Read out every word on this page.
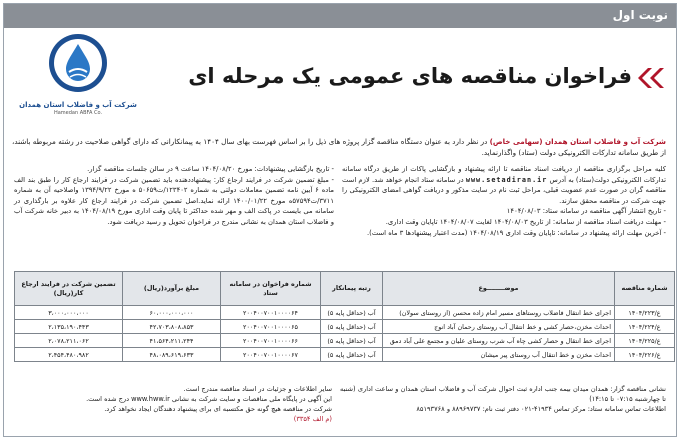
نوبت اول
شرکت آب و فاضلاب استان همدان
Hamedan ABFA Co.
فراخوان مناقصه های عمومی یک مرحله ای
شرکت آب و فاضلاب استان همدان (سهامی خاص) در نظر دارد به عنوان دستگاه مناقصه گزار پروژه های ذیل را بر اساس فهرست بهای سال ۱۴۰۴ به پیمانکارانی که دارای گواهی صلاحیت در رشته مربوطه باشند، از طریق سامانه تدارکات الکترونیکی دولت (ستاد) واگذارنماید.
کلیه مراحل برگزاری مناقصه از دریافت اسناد مناقصه تا ارائه پیشنهاد و بازگشایی پاکات از طریق درگاه سامانه تدارکات الکترونیکی دولت(ستاد) به آدرس www.setadiran.ir در سامانه ستاد انجام خواهد شد. لازم است مناقصه گران در صورت عدم عضویت قبلی، مراحل ثبت نام در سایت مذکور و دریافت گواهی امضای الکترونیکی را جهت شرکت در مناقصه محقق سازند.
- تاریخ انتشار آگهی مناقصه در سامانه ستاد: ۱۴۰۴/۰۸/۰۳
- مهلت دریافت اسناد مناقصه از سامانه: از تاریخ ۱۴۰۴/۰۸/۰۳ لغایت ۱۴۰۴/۰۸/۰۷ تاپایان وقت اداری.
- آخرین مهلت ارائه پیشنهاد در سامانه: تاپایان وقت اداری ۱۴۰۴/۰۸/۱۹ (مدت اعتبار پیشنهادها ۳ ماه است).
- تاریخ بازگشایی پیشنهادات: مورخ ۱۴۰۴/۰۸/۲۰ ساعت ۹ در سالن جلسات مناقصه گزار.
- مبلغ تضمین شرکت در فرایند ارجاع کار: پیشنهاددهنده باید تضمین شرکت در فرایند ارجاع کار را طبق بند الف ماده ۶ آیین نامه تضمین معاملات دولتی به شماره ۱۲۳۴۰۲/ت۵۰۶۵۹ ه مورخ ۱۳۹۴/۹/۲۲ واصلاحیه آن به شماره ۳۷۱۱/ت۵۷۵۹۴ه مورخ ۱۴۰۰/۰۱/۲۲ ارائه نماید.اصل تضمین شرکت در فرایند ارجاع کار علاوه بر بارگذاری در سامانه می بایست در پاکت الف و مهر شده حداکثر تا پایان وقت اداری مورخ ۱۴۰۴/۰۸/۱۹ به دبیر خانه شرکت آب و فاضلاب استان همدان به نشانی مندرج در فراخوان تحویل و رسید دریافت شود.
شماره مناقصه	موضــــــــوع	رتبه پیمانکار	شماره فراخوان در سامانه ستاد	مبلغ برآورد(ریال)	تضمین شرکت در فرایند ارجاع کار(ریال)
ع/۱۴۰۴/۲۲۳	اجرای خط انتقال فاضلاب روستاهای مسیر امام زاده محسن (از روستای سولان)	آب (حداقل پایه ۵)	۲۰۰۴۰۰۷۰۰۱۰۰۰۰۶۴	۶۰،۰۰۰،۰۰۰،۰۰۰	۳،۰۰۰،۰۰۰،۰۰۰
ع/۱۴۰۴/۲۲۴	احداث مخزن،حصار کشی و خط انتقال آب روستای رحمان آباد انوج	آب (حداقل پایه ۵)	۲۰۰۴۰۰۷۰۰۱۰۰۰۰۶۵	۴۲،۷۰۳،۸۰۸،۸۵۳	۲،۱۳۵،۱۹۰،۴۴۳
ع/۱۴۰۴/۲۲۵	اجرای خط انتقال و حصار کشی چاه آب شرب روستای علیان و مجتمع علی آباد دمق	آب (حداقل پایه ۵)	۲۰۰۴۰۰۷۰۰۱۰۰۰۰۶۶	۴۱،۵۶۴،۲۱۱،۲۴۴	۲،۰۷۸،۲۱۱،۰۶۲
ع/۱۴۰۴/۲۲۶	احداث مخزن و خط انتقال آب روستای پیر میشان	آب (حداقل پایه ۵)	۲۰۰۴۰۰۷۰۰۱۰۰۰۰۶۷	۴۸،۰۸۹،۶۱۹،۶۳۳	۲،۴۵۴،۴۸۰،۹۸۲
نشانی مناقصه گزار: همدان میدان بیمه جنب اداره ثبت احوال شرکت آب و فاضلاب استان همدان و ساعت اداری (شنبه تا چهارشنبه ۰۷:۱۵ تا ۱۴:۱۵)
اطلاعات تماس سامانه ستاد: مرکز تماس ۴۱۹۳۴-۰۲۱ دفتر ثبت نام: ۸۸۹۶۹۷۳۷ و ۸۵۱۹۳۷۶۸
سایر اطلاعات و جزئیات در اسناد مناقصه مندرج است.
این آگهی در پایگاه ملی مناقصات و سایت شرکت به نشانی www.hww.ir درج شده است.
شرکت در مناقصه هیچ گونه حق مکتسبه ای برای پیشنهاد دهندگان ایجاد نخواهد کرد.
(م الف ۳۳۵۴)
